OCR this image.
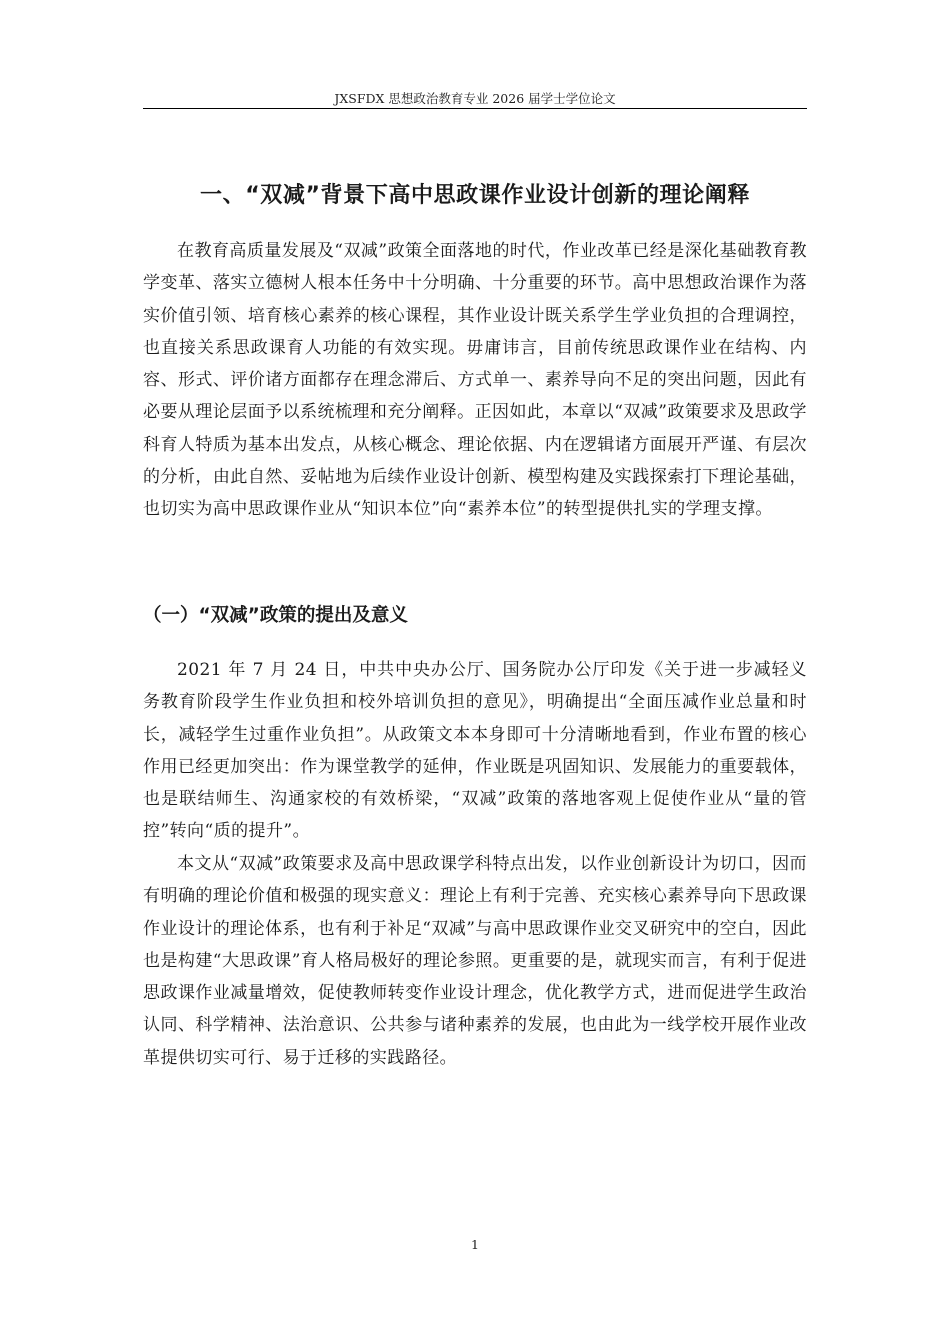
JXSFDX 思想政治教育专业 2026 届学士学位论文
一、“双减”背景下高中思政课作业设计创新的理论阐释

在教育高质量发展及“双减”政策全面落地的时代，作业改革已经是深化基础教育教学变革、落实立德树人根本任务中十分明确、十分重要的环节。高中思想政治课作为落实价值引领、培育核心素养的核心课程，其作业设计既关系学生学业负担的合理调控，也直接关系思政课育人功能的有效实现。毋庸讳言，目前传统思政课作业在结构、内容、形式、评价诸方面都存在理念滞后、方式单一、素养导向不足的突出问题，因此有必要从理论层面予以系统梳理和充分阐释。正因如此，本章以“双减”政策要求及思政学科育人特质为基本出发点，从核心概念、理论依据、内在逻辑诸方面展开严谨、有层次的分析，由此自然、妥帖地为后续作业设计创新、模型构建及实践探索打下理论基础，也切实为高中思政课作业从“知识本位”向“素养本位”的转型提供扎实的学理支撑。

（一）“双减”政策的提出及意义

2021 年 7 月 24 日，中共中央办公厅、国务院办公厅印发《关于进一步减轻义务教育阶段学生作业负担和校外培训负担的意见》，明确提出“全面压减作业总量和时长，减轻学生过重作业负担”。从政策文本本身即可十分清晰地看到，作业布置的核心作用已经更加突出：作为课堂教学的延伸，作业既是巩固知识、发展能力的重要载体，也是联结师生、沟通家校的有效桥梁，“双减”政策的落地客观上促使作业从“量的管控”转向“质的提升”。

本文从“双减”政策要求及高中思政课学科特点出发，以作业创新设计为切口，因而有明确的理论价值和极强的现实意义：理论上有利于完善、充实核心素养导向下思政课作业设计的理论体系，也有利于补足“双减”与高中思政课作业交叉研究中的空白，因此也是构建“大思政课”育人格局极好的理论参照。更重要的是，就现实而言，有利于促进思政课作业减量增效，促使教师转变作业设计理念，优化教学方式，进而促进学生政治认同、科学精神、法治意识、公共参与诸种素养的发展，也由此为一线学校开展作业改革提供切实可行、易于迁移的实践路径。

1
